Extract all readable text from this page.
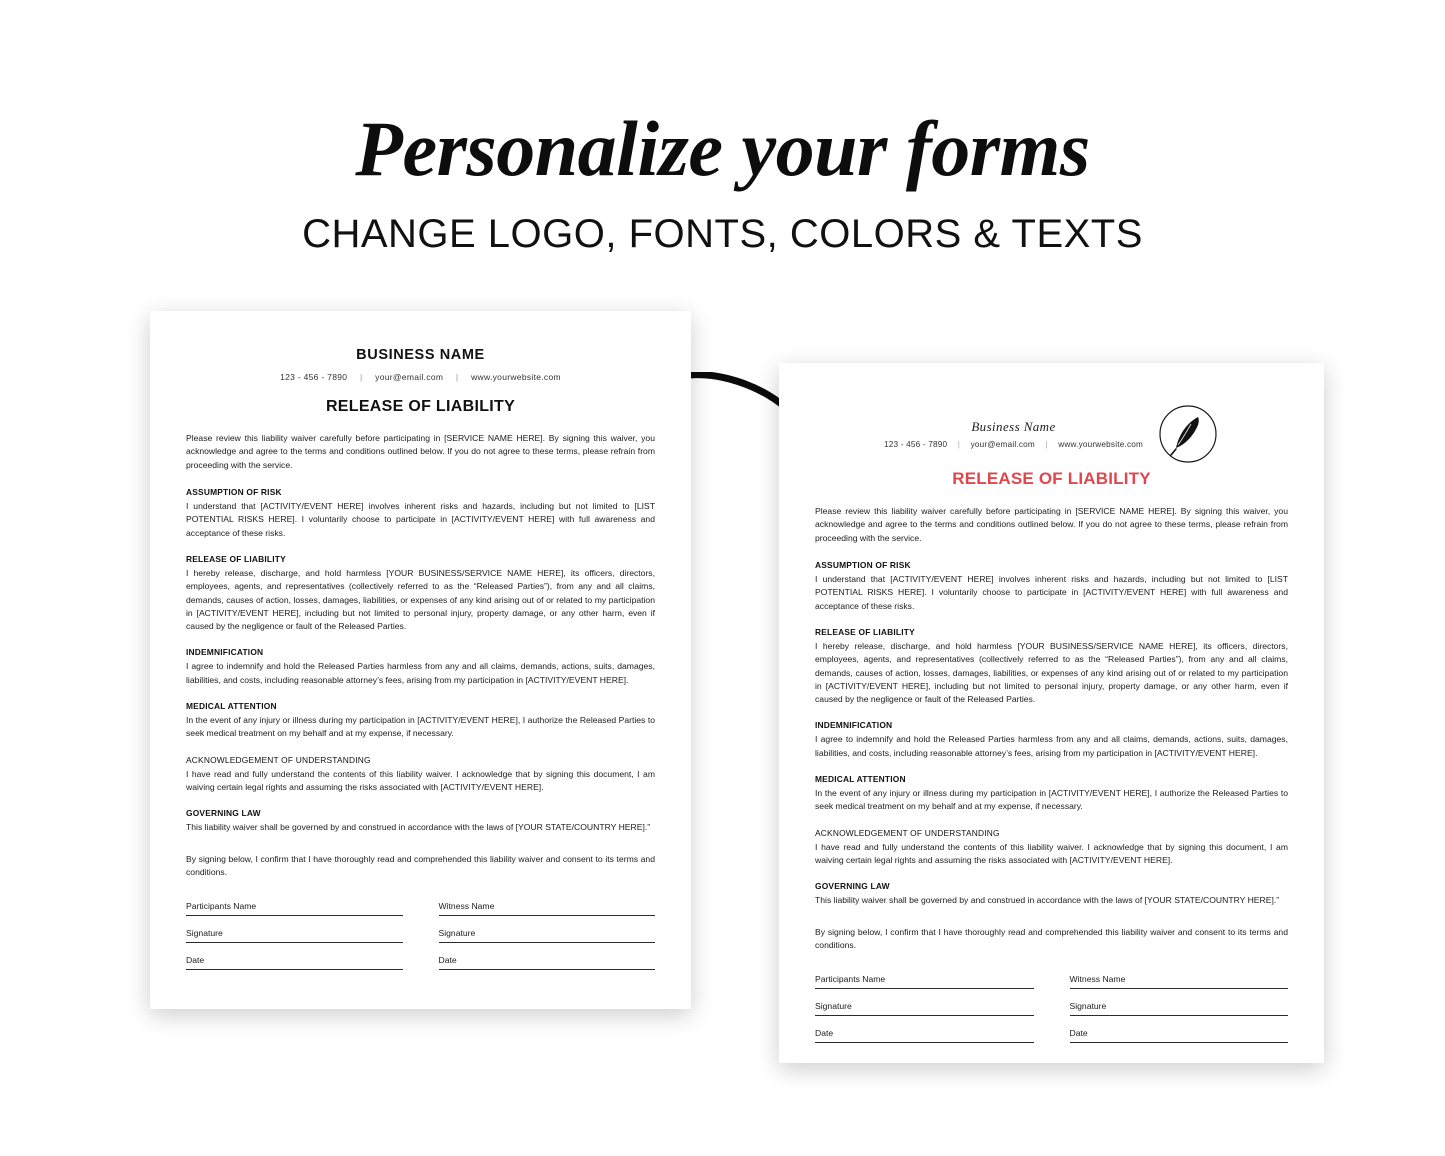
Personalize your forms
CHANGE LOGO, FONTS, COLORS & TEXTS
BUSINESS NAME
123 - 456 - 7890 | your@email.com | www.yourwebsite.com
RELEASE OF LIABILITY
Please review this liability waiver carefully before participating in [SERVICE NAME HERE]. By signing this waiver, you acknowledge and agree to the terms and conditions outlined below. If you do not agree to these terms, please refrain from proceeding with the service.
ASSUMPTION OF RISK
I understand that [ACTIVITY/EVENT HERE] involves inherent risks and hazards, including but not limited to [LIST POTENTIAL RISKS HERE]. I voluntarily choose to participate in [ACTIVITY/EVENT HERE] with full awareness and acceptance of these risks.
RELEASE OF LIABILITY
I hereby release, discharge, and hold harmless [YOUR BUSINESS/SERVICE NAME HERE], its officers, directors, employees, agents, and representatives (collectively referred to as the “Released Parties”), from any and all claims, demands, causes of action, losses, damages, liabilities, or expenses of any kind arising out of or related to my participation in [ACTIVITY/EVENT HERE], including but not limited to personal injury, property damage, or any other harm, even if caused by the negligence or fault of the Released Parties.
INDEMNIFICATION
I agree to indemnify and hold the Released Parties harmless from any and all claims, demands, actions, suits, damages, liabilities, and costs, including reasonable attorney’s fees, arising from my participation in [ACTIVITY/EVENT HERE].
MEDICAL ATTENTION
In the event of any injury or illness during my participation in [ACTIVITY/EVENT HERE], I authorize the Released Parties to seek medical treatment on my behalf and at my expense, if necessary.
ACKNOWLEDGEMENT OF UNDERSTANDING
I have read and fully understand the contents of this liability waiver. I acknowledge that by signing this document, I am waiving certain legal rights and assuming the risks associated with [ACTIVITY/EVENT HERE].
GOVERNING LAW
This liability waiver shall be governed by and construed in accordance with the laws of [YOUR STATE/COUNTRY HERE].”
By signing below, I confirm that I have thoroughly read and comprehended this liability waiver and consent to its terms and conditions.
Participants Name
Signature
Date
Witness Name
Signature
Date
Business Name
123 - 456 - 7890 | your@email.com | www.yourwebsite.com
RELEASE OF LIABILITY
Please review this liability waiver carefully before participating in [SERVICE NAME HERE]. By signing this waiver, you acknowledge and agree to the terms and conditions outlined below. If you do not agree to these terms, please refrain from proceeding with the service.
ASSUMPTION OF RISK
I understand that [ACTIVITY/EVENT HERE] involves inherent risks and hazards, including but not limited to [LIST POTENTIAL RISKS HERE]. I voluntarily choose to participate in [ACTIVITY/EVENT HERE] with full awareness and acceptance of these risks.
RELEASE OF LIABILITY
I hereby release, discharge, and hold harmless [YOUR BUSINESS/SERVICE NAME HERE], its officers, directors, employees, agents, and representatives (collectively referred to as the “Released Parties”), from any and all claims, demands, causes of action, losses, damages, liabilities, or expenses of any kind arising out of or related to my participation in [ACTIVITY/EVENT HERE], including but not limited to personal injury, property damage, or any other harm, even if caused by the negligence or fault of the Released Parties.
INDEMNIFICATION
I agree to indemnify and hold the Released Parties harmless from any and all claims, demands, actions, suits, damages, liabilities, and costs, including reasonable attorney’s fees, arising from my participation in [ACTIVITY/EVENT HERE].
MEDICAL ATTENTION
In the event of any injury or illness during my participation in [ACTIVITY/EVENT HERE], I authorize the Released Parties to seek medical treatment on my behalf and at my expense, if necessary.
ACKNOWLEDGEMENT OF UNDERSTANDING
I have read and fully understand the contents of this liability waiver. I acknowledge that by signing this document, I am waiving certain legal rights and assuming the risks associated with [ACTIVITY/EVENT HERE].
GOVERNING LAW
This liability waiver shall be governed by and construed in accordance with the laws of [YOUR STATE/COUNTRY HERE].”
By signing below, I confirm that I have thoroughly read and comprehended this liability waiver and consent to its terms and conditions.
Participants Name
Signature
Date
Witness Name
Signature
Date
